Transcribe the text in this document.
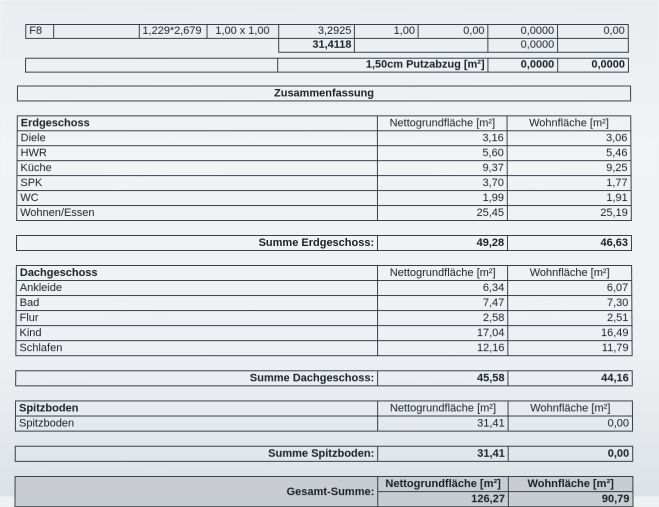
F8		1,229*2,679	1,00 x 1,00	3,2925	1,00	0,00	0,0000	0,00
				31,4118			0,0000	
	1,50cm Putzabzug [m²]	0,0000	0,0000
Zusammenfassung		

Erdgeschoss	Nettogrundfläche [m²]	Wohnfläche [m²]
Diele	3,16	3,06
HWR	5,60	5,46
Küche	9,37	9,25
SPK	3,70	1,77
WC	1,99	1,91
Wohnen/Essen	25,45	25,19

Summe Erdgeschoss:	49,28	46,63

Dachgeschoss	Nettogrundfläche [m²]	Wohnfläche [m²]
Ankleide	6,34	6,07
Bad	7,47	7,30
Flur	2,58	2,51
Kind	17,04	16,49
Schlafen	12,16	11,79

Summe Dachgeschoss:	45,58	44,16

Spitzboden	Nettogrundfläche [m²]	Wohnfläche [m²]
Spitzboden	31,41	0,00

Summe Spitzboden:	31,41	0,00

Gesamt-Summe:	Nettogrundfläche [m²]	Wohnfläche [m²]
	126,27	90,79
